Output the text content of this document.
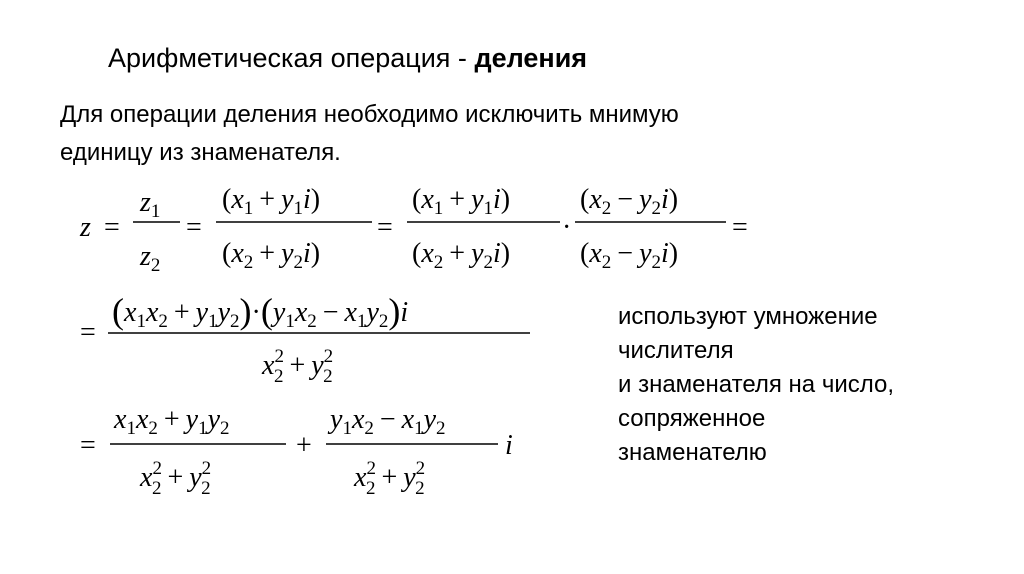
Арифметическая операция - деления
Для операции деления необходимо исключить мнимую
единицу из знаменателя.
используют умножение
числителя
и знаменателя на число,
сопряженное
знаменателю
z =
$z_1$
$z_2$
=
$(x_1 + y_1i)$
$(x_2 + y_2i)$
=
$(x_1 + y_1i)$
$(x_2 + y_2i)$
·
$(x_2 - y_2i)$
$(x_2 - y_2i)$
=
=
$(x_1x_2 + y_1y_2)\cdot(y_1x_2 - x_1y_2)i$
$x^2$ $2 + y^2$ 2
=
$x_1x_2 + y_1y_2$
$x^2$ $2 + y^2$ 2
+
$y_1x_2 - x_1y_2$
$x^2$ $2 + y^2$ 2
i
